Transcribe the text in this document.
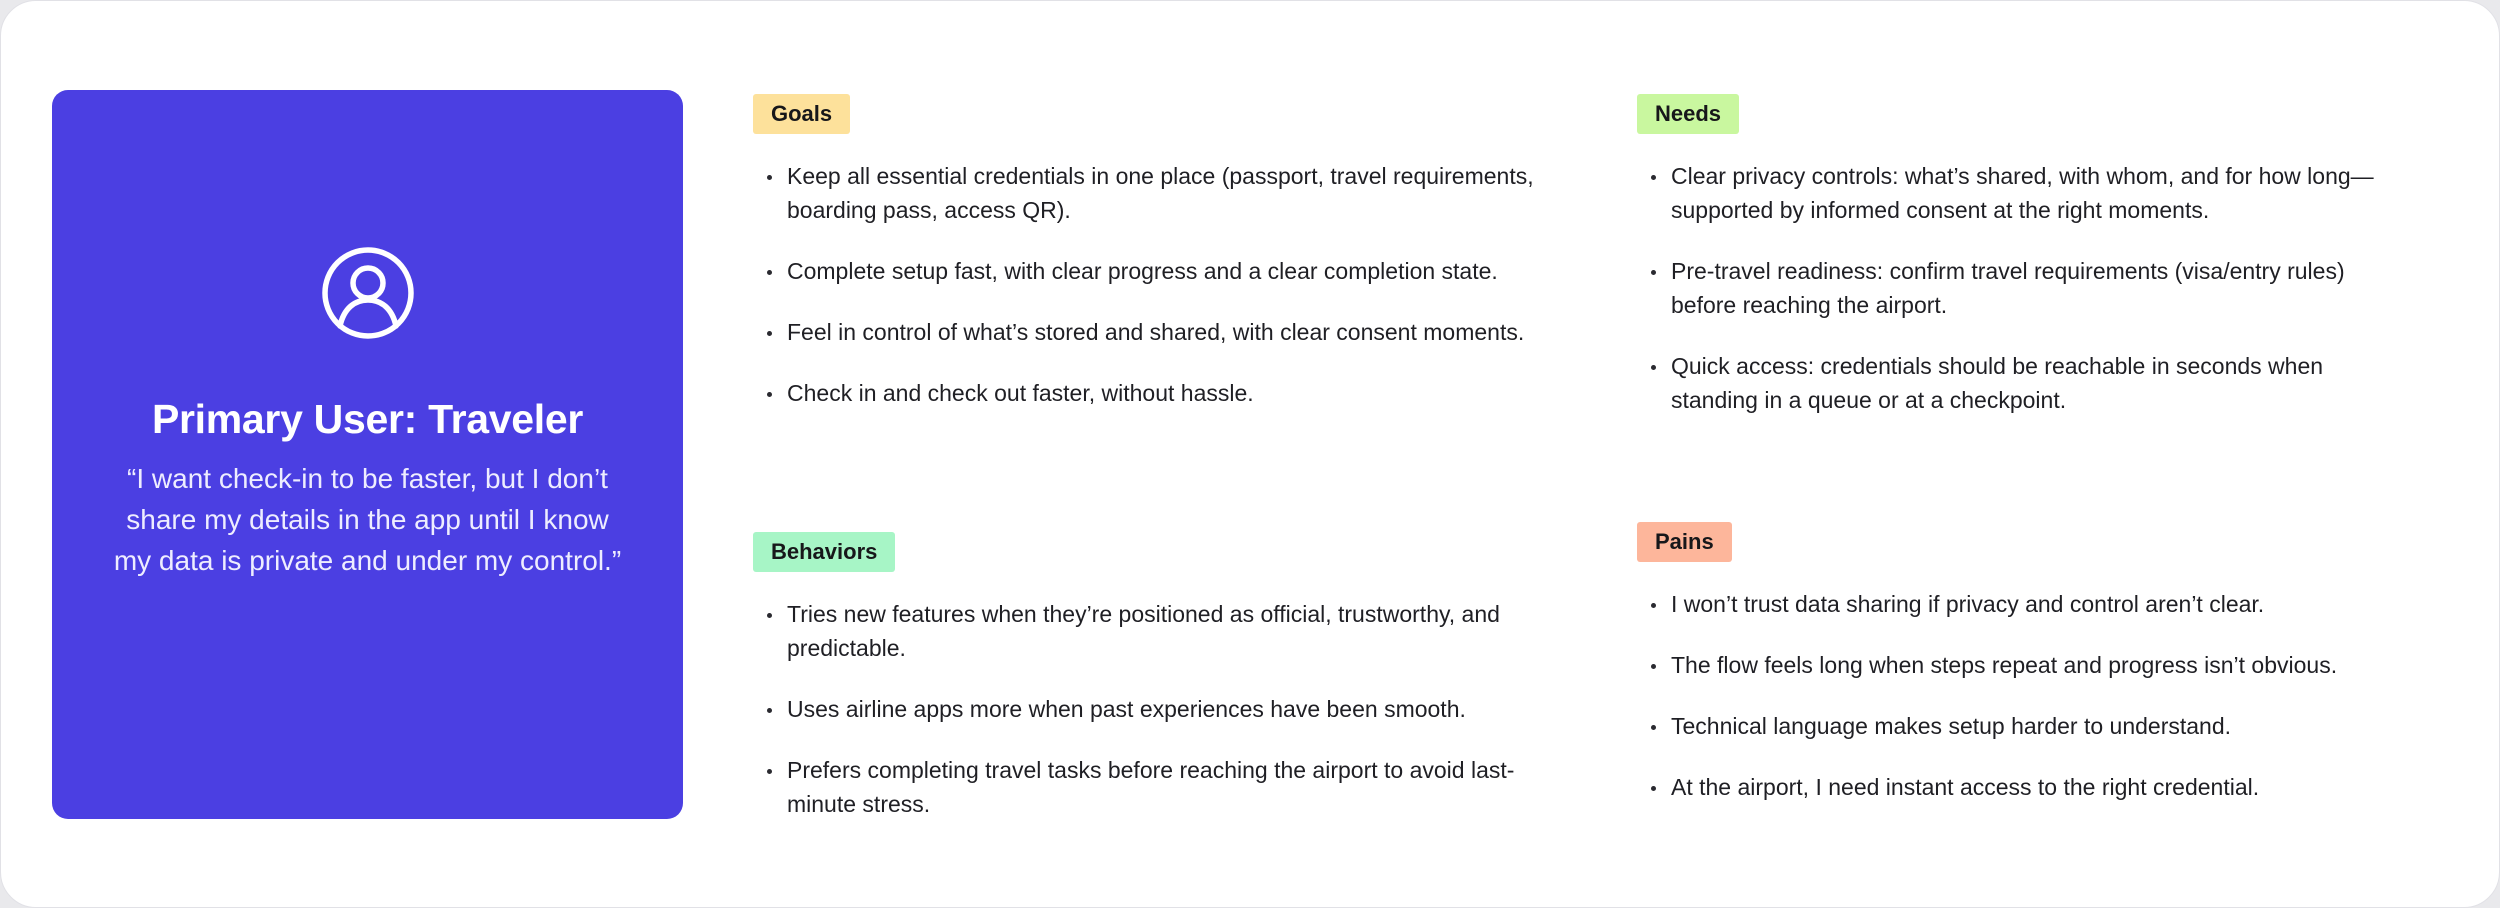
Primary User: Traveler
“I want check-in to be faster, but I don’t share my details in the app until I know my data is private and under my control.”
Goals
Keep all essential credentials in one place (passport, travel requirements, boarding pass, access QR).
Complete setup fast, with clear progress and a clear completion state.
Feel in control of what’s stored and shared, with clear consent moments.
Check in and check out faster, without hassle.
Behaviors
Tries new features when they’re positioned as official, trustworthy, and predictable.
Uses airline apps more when past experiences have been smooth.
Prefers completing travel tasks before reaching the airport to avoid last-minute stress.
Needs
Clear privacy controls: what’s shared, with whom, and for how long—supported by informed consent at the right moments.
Pre-travel readiness: confirm travel requirements (visa/entry rules) before reaching the airport.
Quick access: credentials should be reachable in seconds when standing in a queue or at a checkpoint.
Pains
I won’t trust data sharing if privacy and control aren’t clear.
The flow feels long when steps repeat and progress isn’t obvious.
Technical language makes setup harder to understand.
At the airport, I need instant access to the right credential.
